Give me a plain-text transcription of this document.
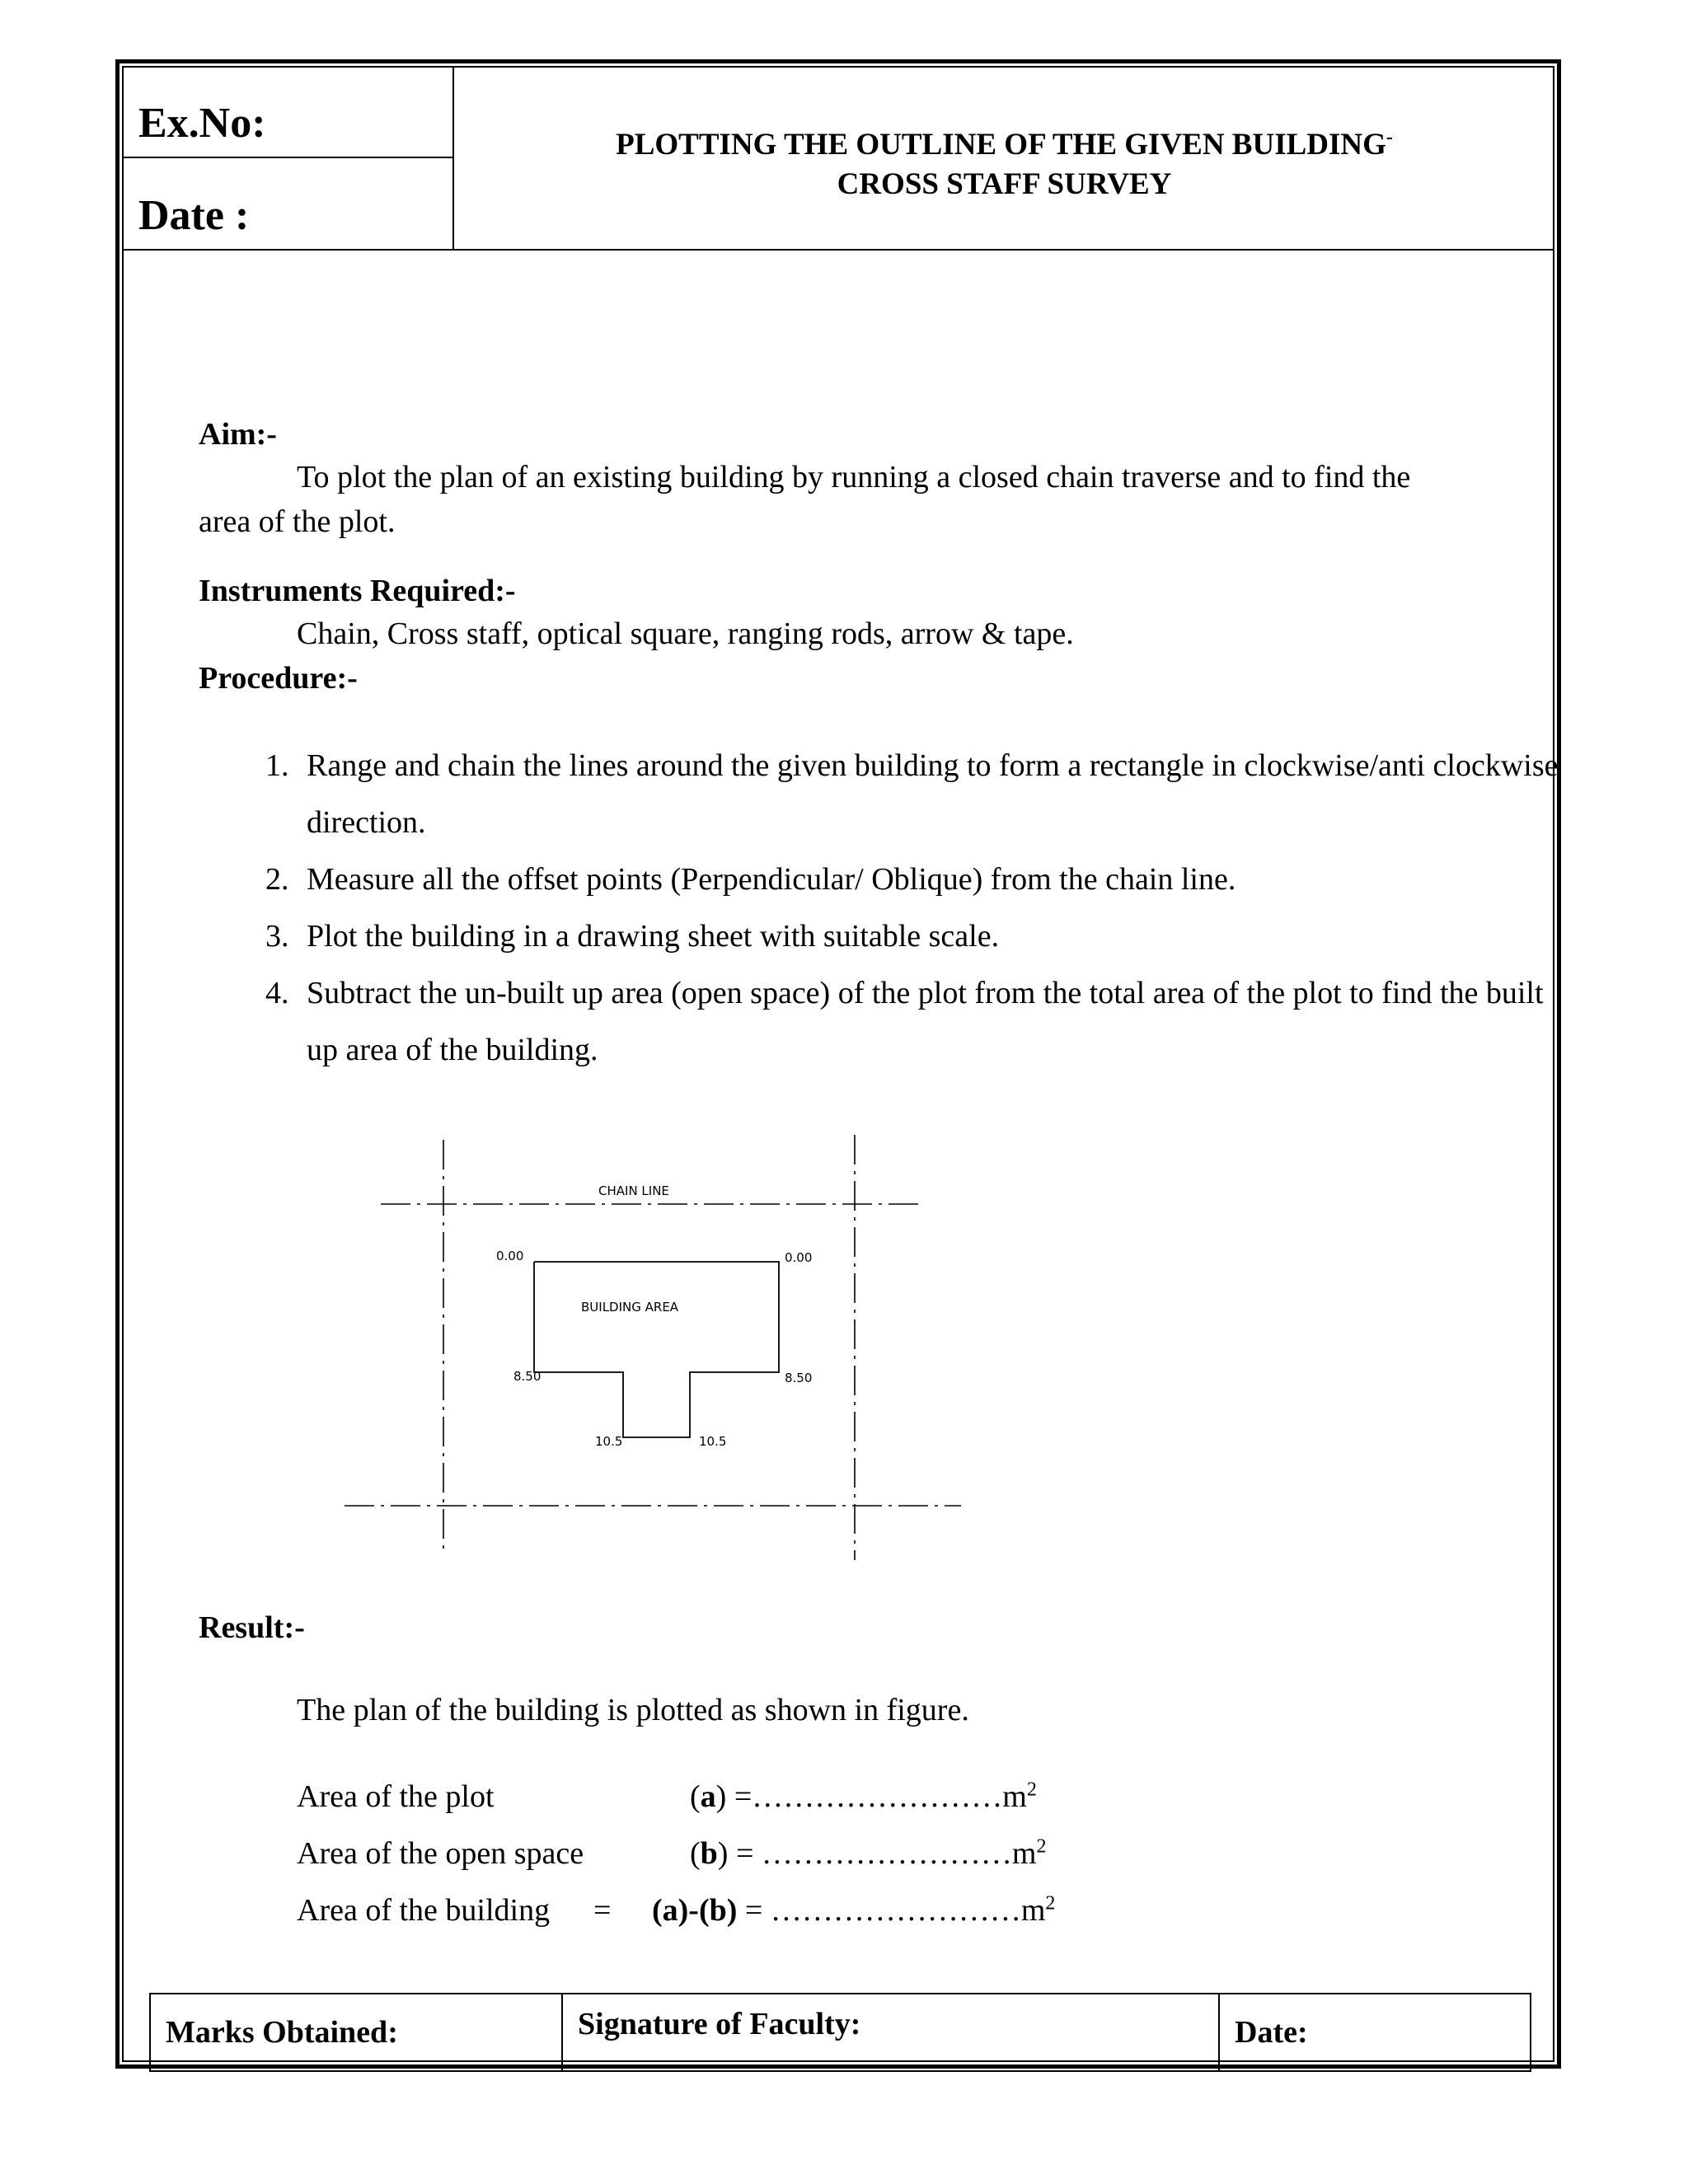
Ex.No:
Date :
PLOTTING THE OUTLINE OF THE GIVEN BUILDING-
CROSS STAFF SURVEY
Aim:-
To plot the plan of an existing building by running a closed chain traverse and to find the
area of the plot.
Instruments Required:-
Chain, Cross staff, optical square, ranging rods, arrow & tape.
Procedure:-
1. Range and chain the lines around the given building to form a rectangle in clockwise/anti clockwise direction.
2. Measure all the offset points (Perpendicular/ Oblique) from the chain line.
3. Plot the building in a drawing sheet with suitable scale.
4. Subtract the un-built up area (open space) of the plot from the total area of the plot to find the built up area of the building.
CHAIN LINE
BUILDING AREA
0.00	0.00
8.50	8.50
10.5	10.5
Result:-
The plan of the building is plotted as shown in figure.
Area of the plot	$(a) =\dots\dots\dots\dots\dots\dots\dots\dots m^2$
Area of the open space	$(b) = \dots\dots\dots\dots\dots\dots\dots\dots m^2$
Area of the building = $(a)-(b) = \dots\dots\dots\dots\dots\dots\dots\dots m^2$
Marks Obtained:	Signature of Faculty:	Date:
